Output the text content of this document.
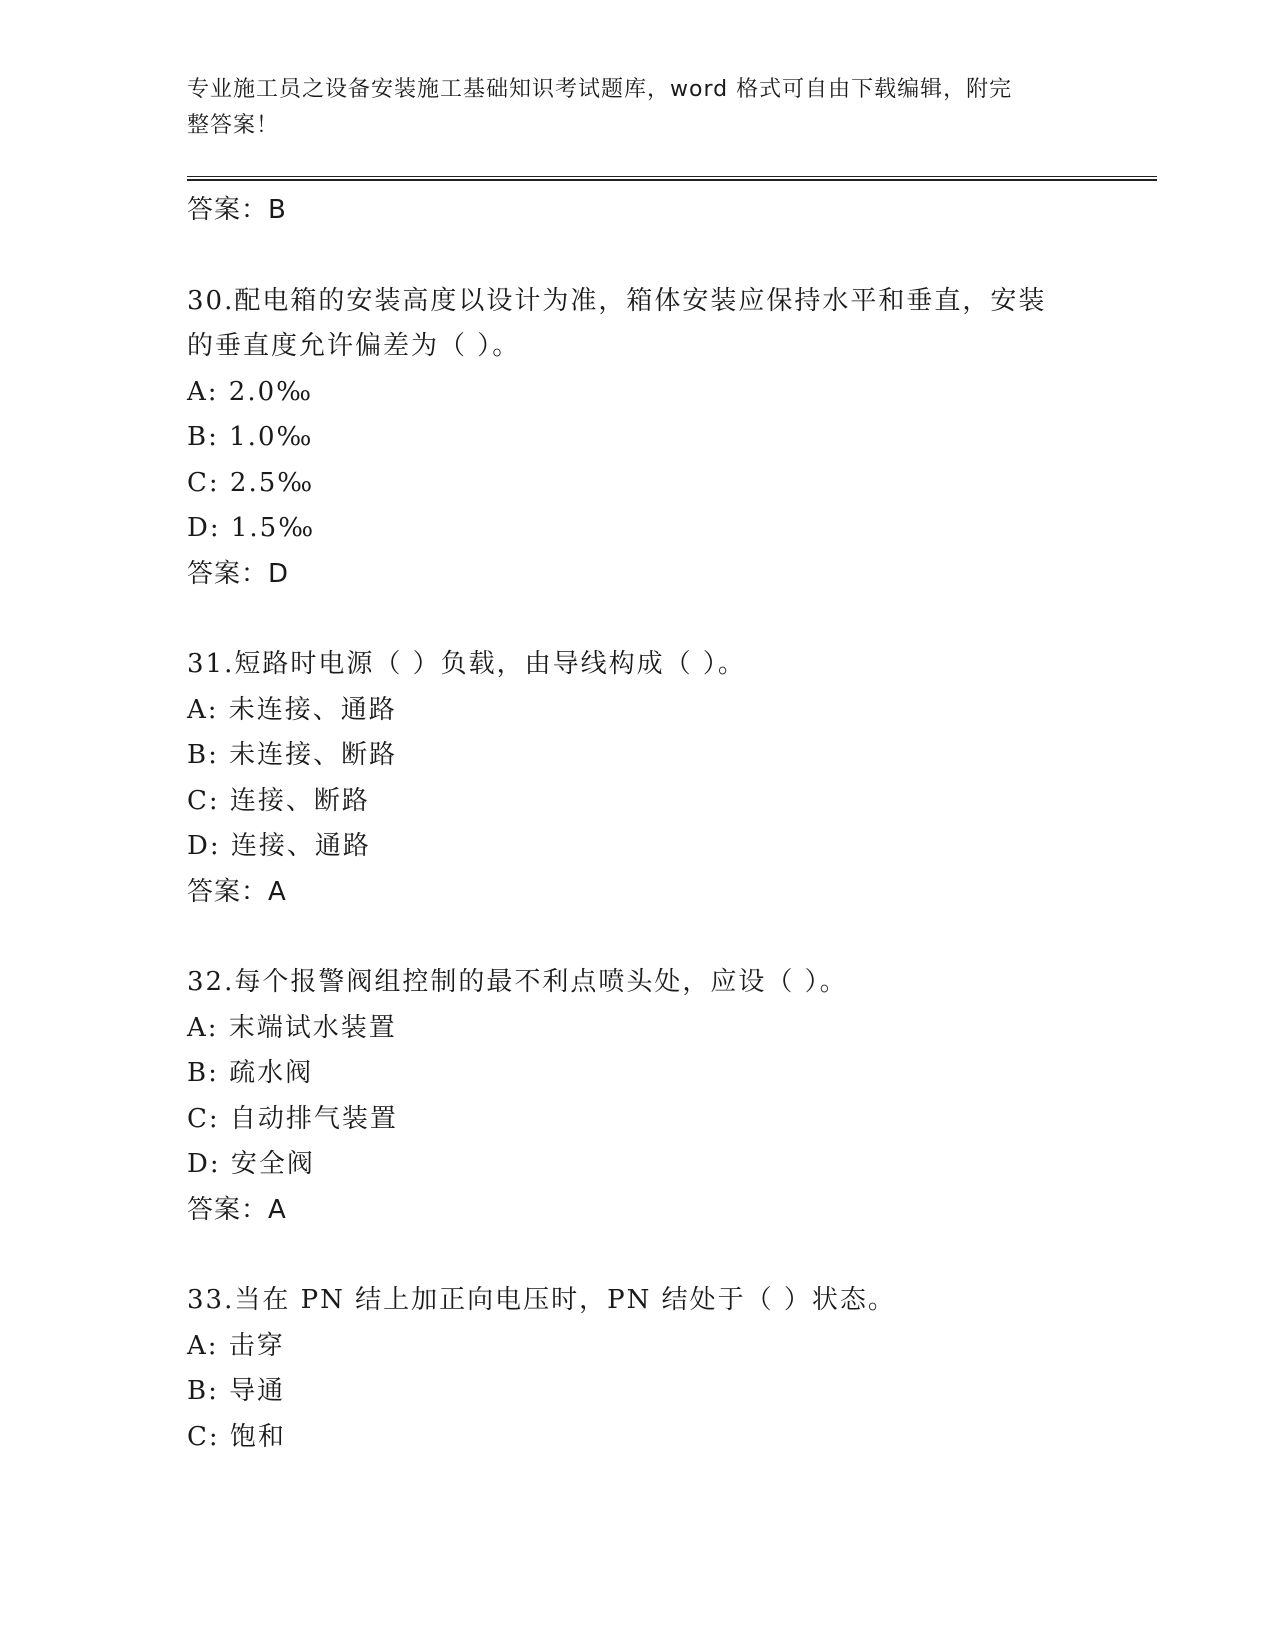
专业施工员之设备安装施工基础知识考试题库，word 格式可自由下载编辑，附完
整答案！
答案：B
30.配电箱的安装高度以设计为准，箱体安装应保持水平和垂直，安装
的垂直度允许偏差为（ ）。
A: 2.0‰
B: 1.0‰
C: 2.5‰
D: 1.5‰
答案：D
31.短路时电源（ ）负载，由导线构成（ ）。
A: 未连接、通路
B: 未连接、断路
C: 连接、断路
D: 连接、通路
答案：A
32.每个报警阀组控制的最不利点喷头处，应设（ ）。
A: 末端试水装置
B: 疏水阀
C: 自动排气装置
D: 安全阀
答案：A
33.当在 PN 结上加正向电压时，PN 结处于（ ）状态。
A: 击穿
B: 导通
C: 饱和
